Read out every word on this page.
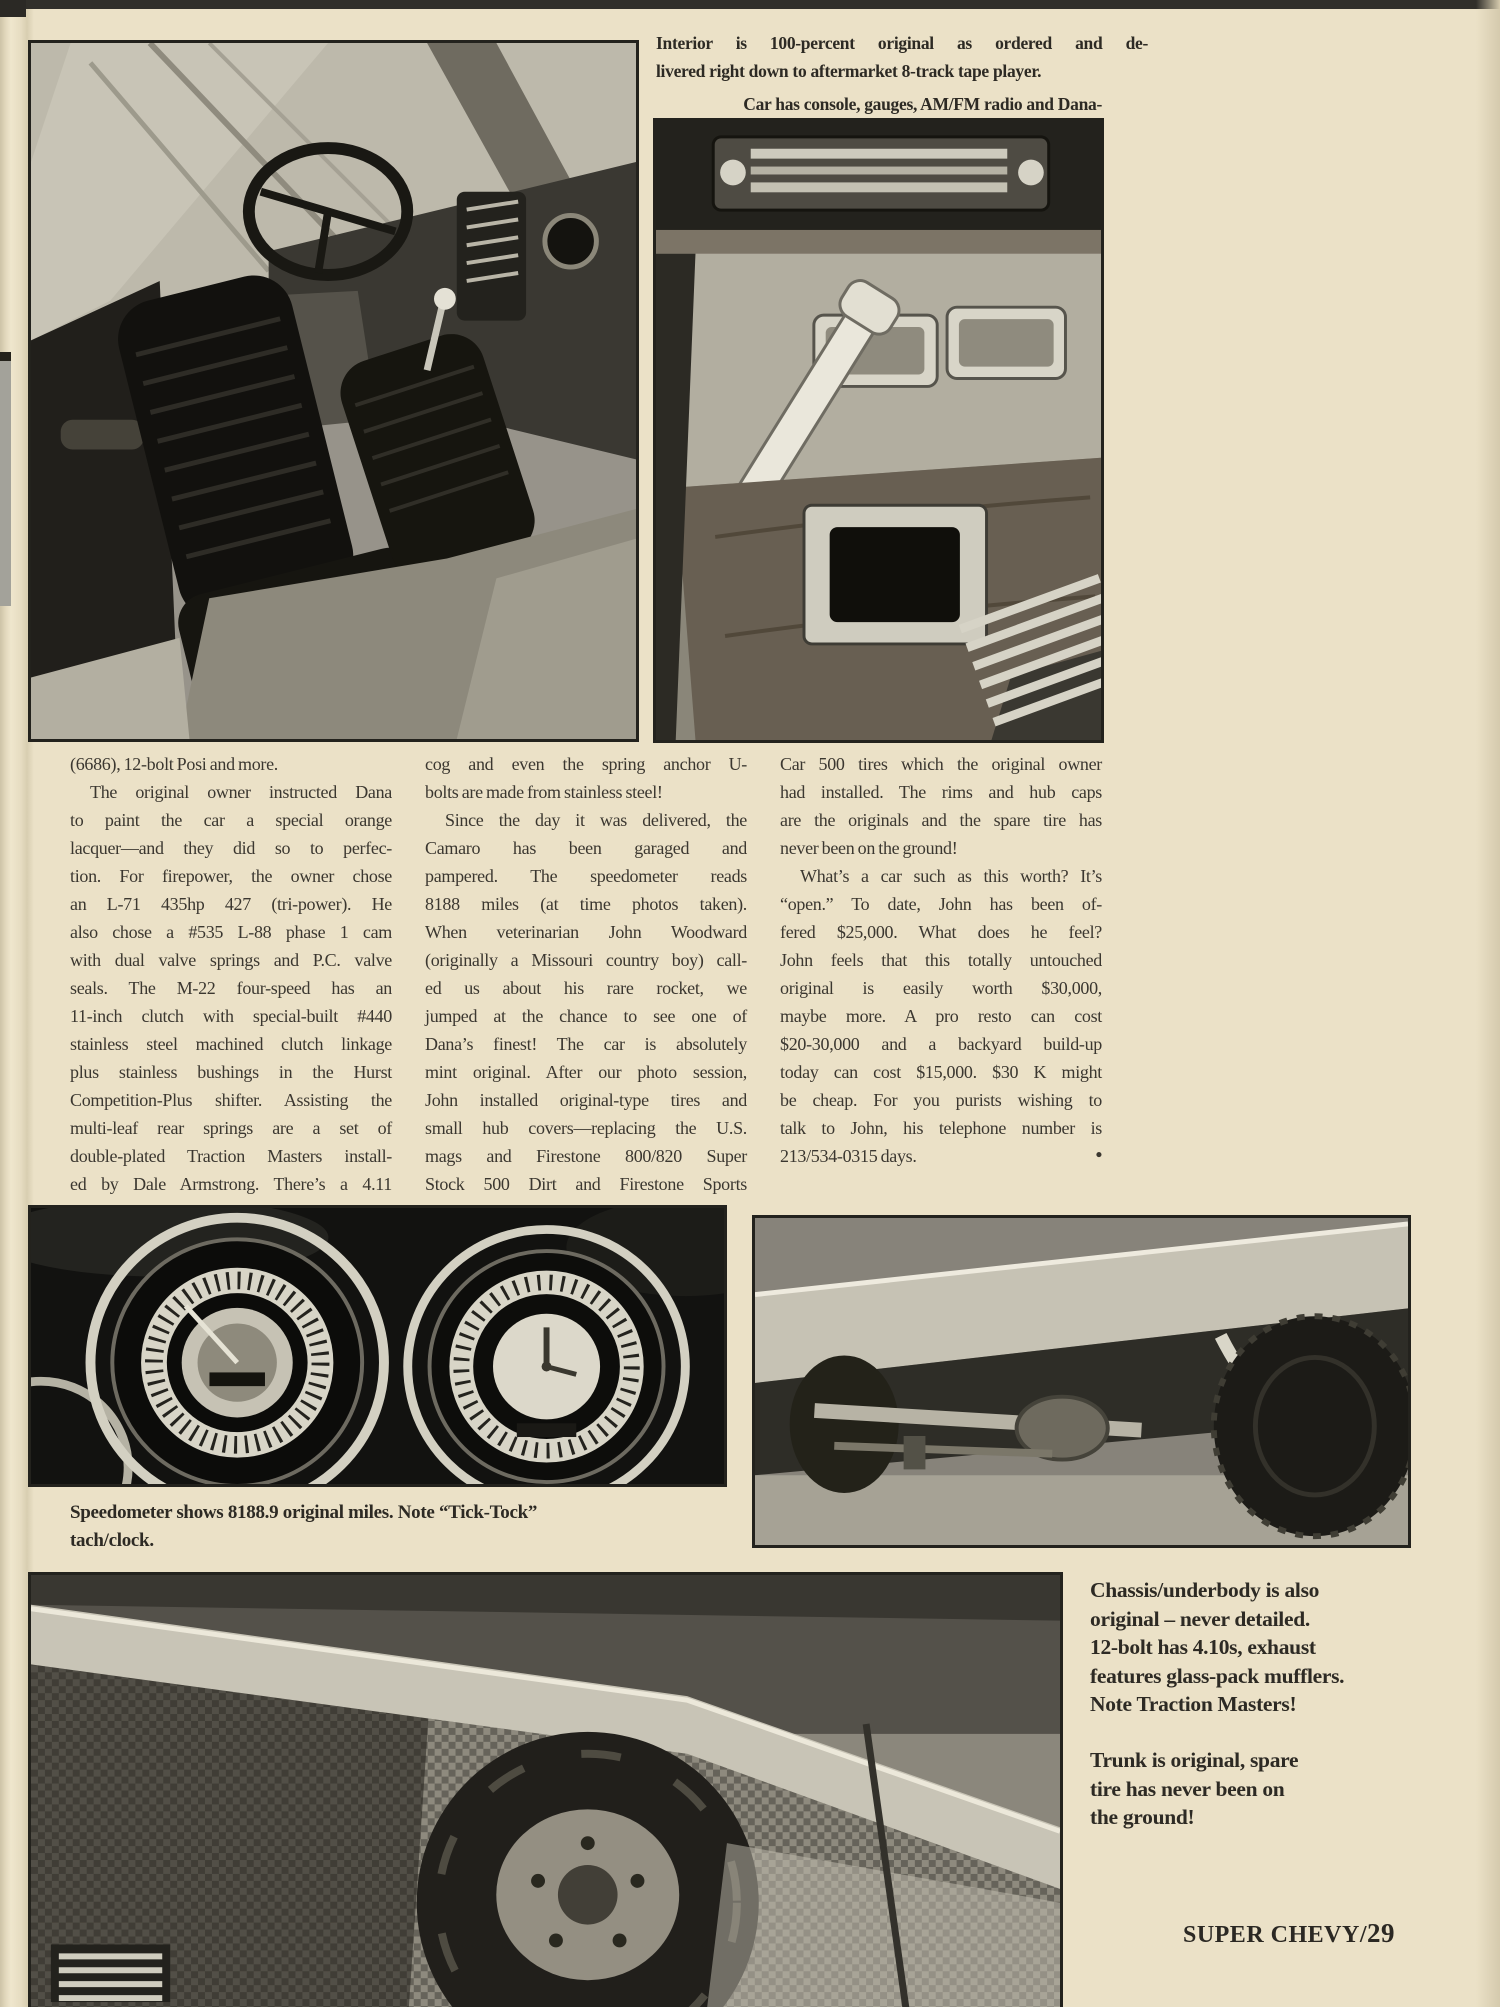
Interior is 100-percent original as ordered and de-
livered right down to aftermarket 8-track tape player.
Car has console, gauges, AM/FM radio and Dana-
(6686), 12-bolt Posi and more.
The original owner instructed Dana
to paint the car a special orange
lacquer—and they did so to perfec-
tion. For firepower, the owner chose
an L-71 435hp 427 (tri-power). He
also chose a #535 L-88 phase 1 cam
with dual valve springs and P.C. valve
seals. The M-22 four-speed has an
11-inch clutch with special-built #440
stainless steel machined clutch linkage
plus stainless bushings in the Hurst
Competition-Plus shifter. Assisting the
multi-leaf rear springs are a set of
double-plated Traction Masters install-
ed by Dale Armstrong. There’s a 4.11
cog and even the spring anchor U-
bolts are made from stainless steel!
Since the day it was delivered, the
Camaro has been garaged and
pampered. The speedometer reads
8188 miles (at time photos taken).
When veterinarian John Woodward
(originally a Missouri country boy) call-
ed us about his rare rocket, we
jumped at the chance to see one of
Dana’s finest! The car is absolutely
mint original. After our photo session,
John installed original-type tires and
small hub covers—replacing the U.S.
mags and Firestone 800/820 Super
Stock 500 Dirt and Firestone Sports
Car 500 tires which the original owner
had installed. The rims and hub caps
are the originals and the spare tire has
never been on the ground!
What’s a car such as this worth? It’s
“open.” To date, John has been of-
fered $25,000. What does he feel?
John feels that this totally untouched
original is easily worth $30,000,
maybe more. A pro resto can cost
$20-30,000 and a backyard build-up
today can cost $15,000. $30 K might
be cheap. For you purists wishing to
talk to John, his telephone number is
•
213/534-0315 days.
Speedometer shows 8188.9 original miles. Note “Tick-Tock”
tach/clock.
Chassis/underbody is also
original – never detailed.
12-bolt has 4.10s, exhaust
features glass-pack mufflers.
Note Traction Masters!
Trunk is original, spare
tire has never been on
the ground!
SUPER CHEVY/29
